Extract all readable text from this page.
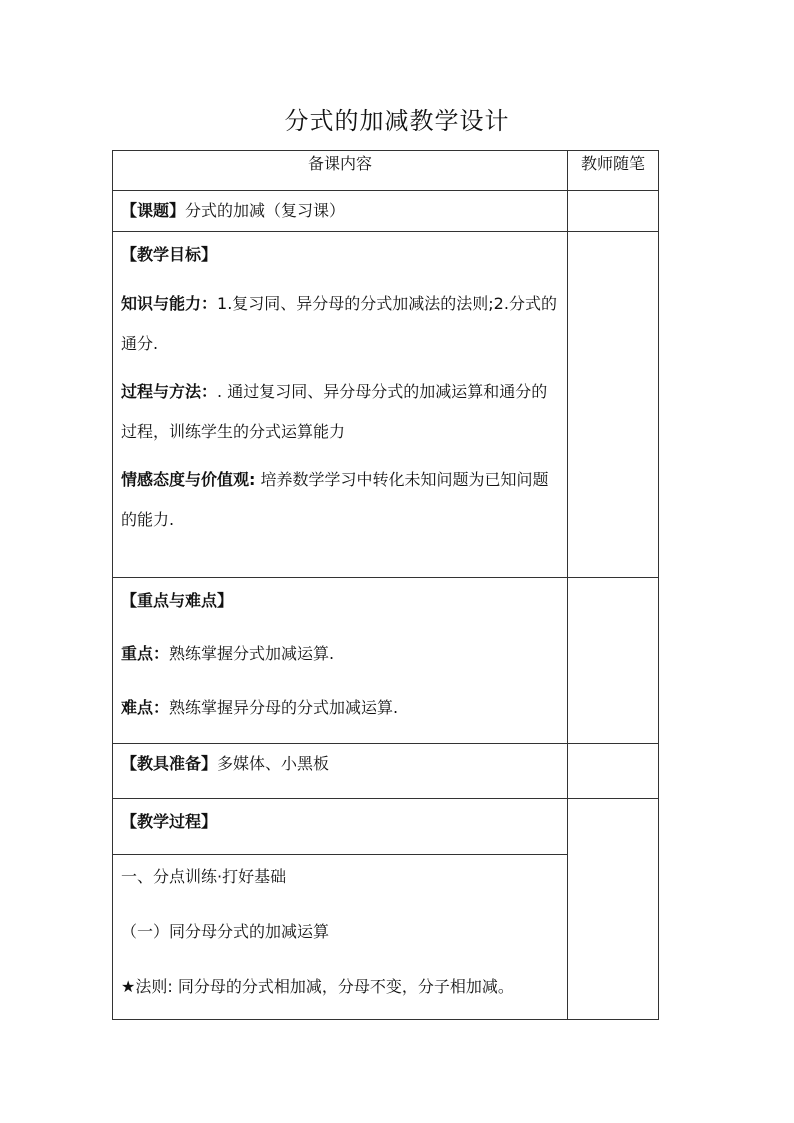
分式的加减教学设计
备课内容	教师随笔

【课题】分式的加减（复习课）	

【教学目标】

知识与能力：1.复习同、异分母的分式加减法的法则;2.分式的通分.

过程与方法：. 通过复习同、异分母分式的加减运算和通分的过程，训练学生的分式运算能力

情感态度与价值观: 培养数学学习中转化未知问题为已知问题的能力.	

【重点与难点】

重点：熟练掌握分式加减运算.

难点：熟练掌握异分母的分式加减运算.	

【教具准备】多媒体、小黑板	

【教学过程】	

一、分点训练·打好基础

（一）同分母分式的加减运算

★法则: 同分母的分式相加减，分母不变，分子相加减。	
